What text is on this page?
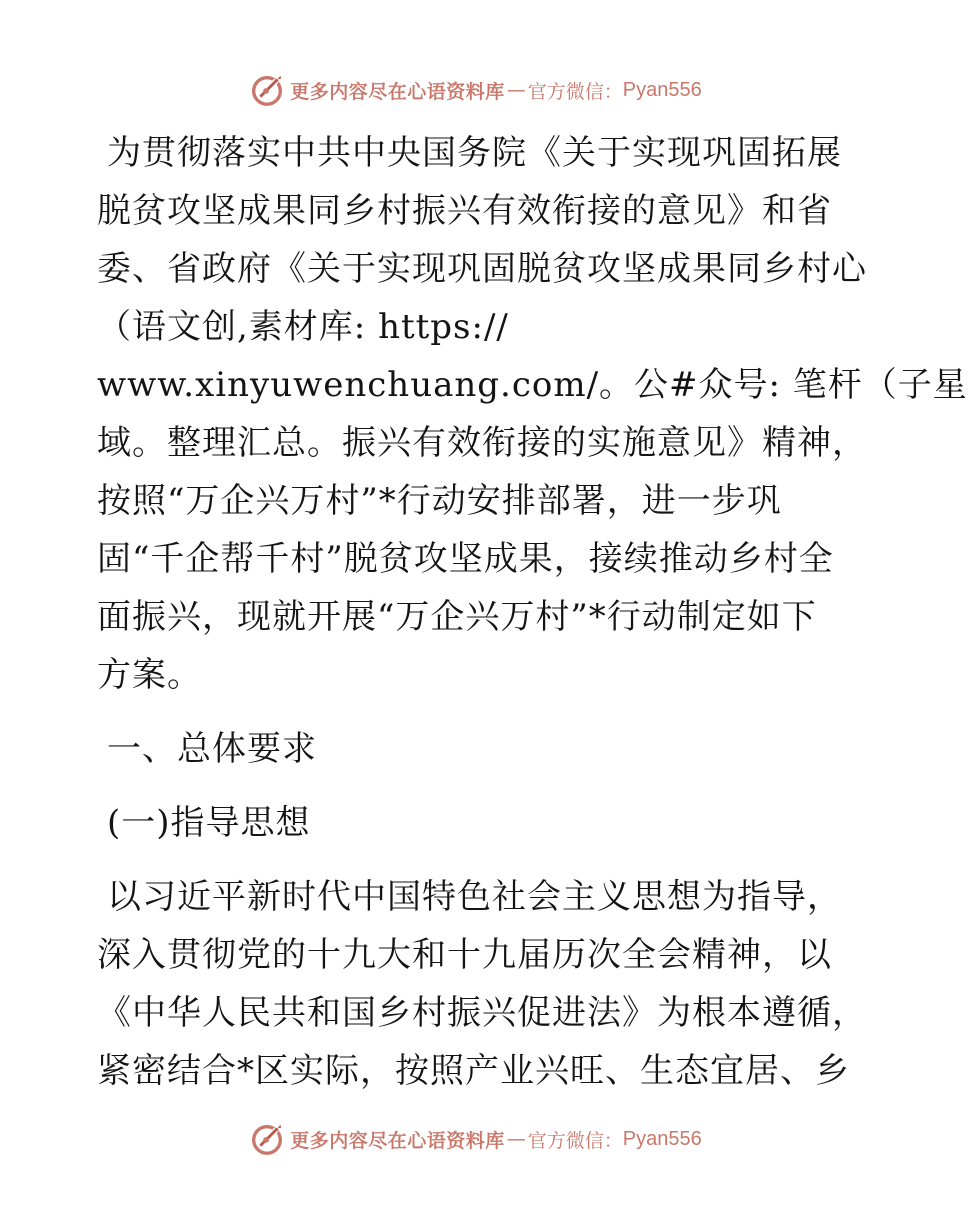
更多内容尽在心语资料库 — 官方微信： Pyan556
为贯彻落实中共中央国务院《关于实现巩固拓展
脱贫攻坚成果同乡村振兴有效衔接的意见》和省
委、省政府《关于实现巩固脱贫攻坚成果同乡村心
（语文创,素材库: https://
www.xinyuwenchuang.com/。公#众号: 笔杆（子星
域。整理汇总。振兴有效衔接的实施意见》精神，
按照“万企兴万村”*行动安排部署，进一步巩
固“千企帮千村”脱贫攻坚成果，接续推动乡村全
面振兴，现就开展“万企兴万村”*行动制定如下
方案。
一、总体要求
(一)指导思想
以习近平新时代中国特色社会主义思想为指导，
深入贯彻党的十九大和十九届历次全会精神，以
《中华人民共和国乡村振兴促进法》为根本遵循，
紧密结合*区实际，按照产业兴旺、生态宜居、乡
更多内容尽在心语资料库 — 官方微信： Pyan556
